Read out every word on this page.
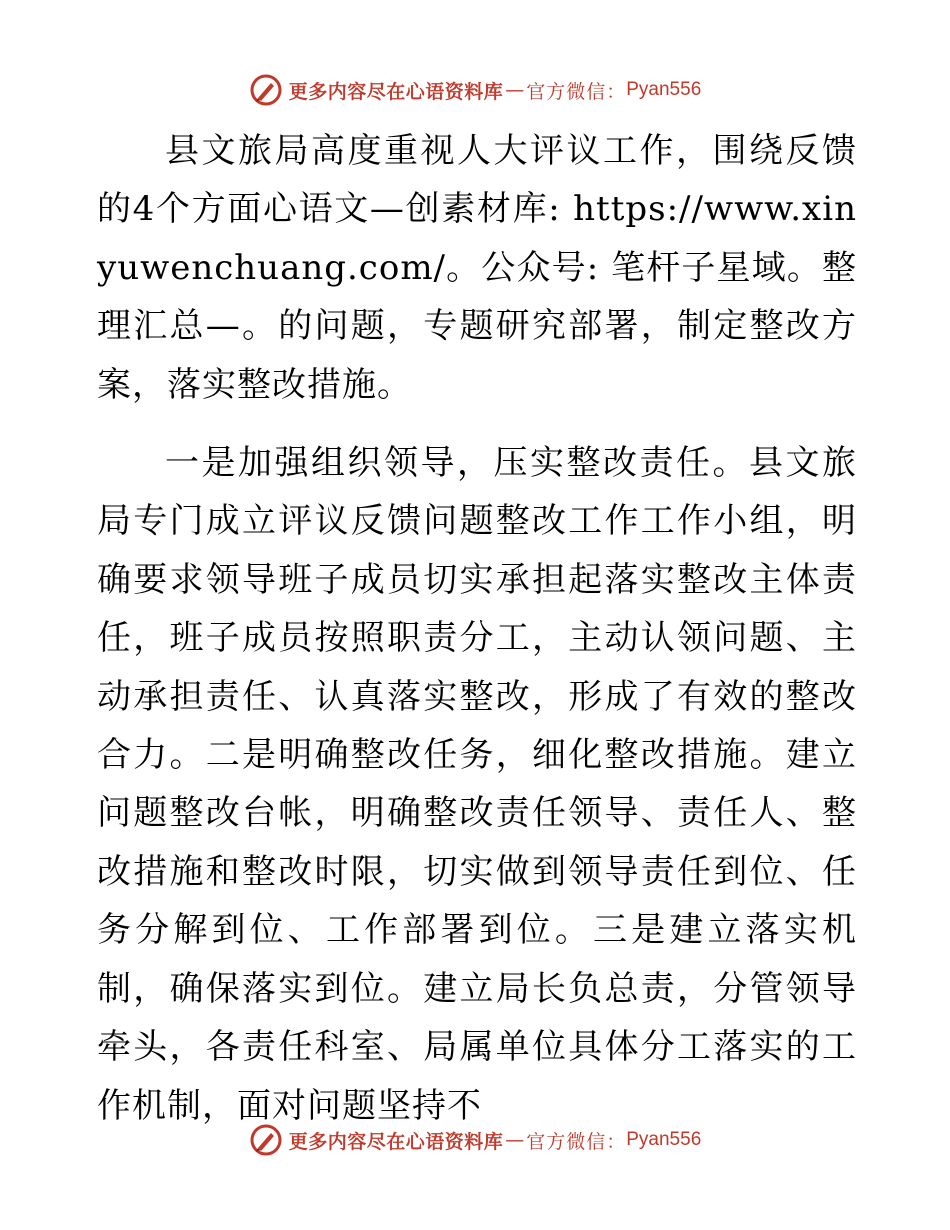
更多内容尽在心语资料库 — 官方微信： Pyan556

县文旅局高度重视人大评议工作，围绕反馈的4个方面心语文—创素材库: https://www.xinyuwenchuang.com/。公众号: 笔杆子星域。整理汇总—。的问题，专题研究部署，制定整改方案，落实整改措施。

一是加强组织领导，压实整改责任。县文旅局专门成立评议反馈问题整改工作工作小组，明确要求领导班子成员切实承担起落实整改主体责任，班子成员按照职责分工，主动认领问题、主动承担责任、认真落实整改，形成了有效的整改合力。二是明确整改任务，细化整改措施。建立问题整改台帐，明确整改责任领导、责任人、整改措施和整改时限，切实做到领导责任到位、任务分解到位、工作部署到位。三是建立落实机制，确保落实到位。建立局长负总责，分管领导牵头，各责任科室、局属单位具体分工落实的工作机制，面对问题坚持不

更多内容尽在心语资料库 — 官方微信： Pyan556
